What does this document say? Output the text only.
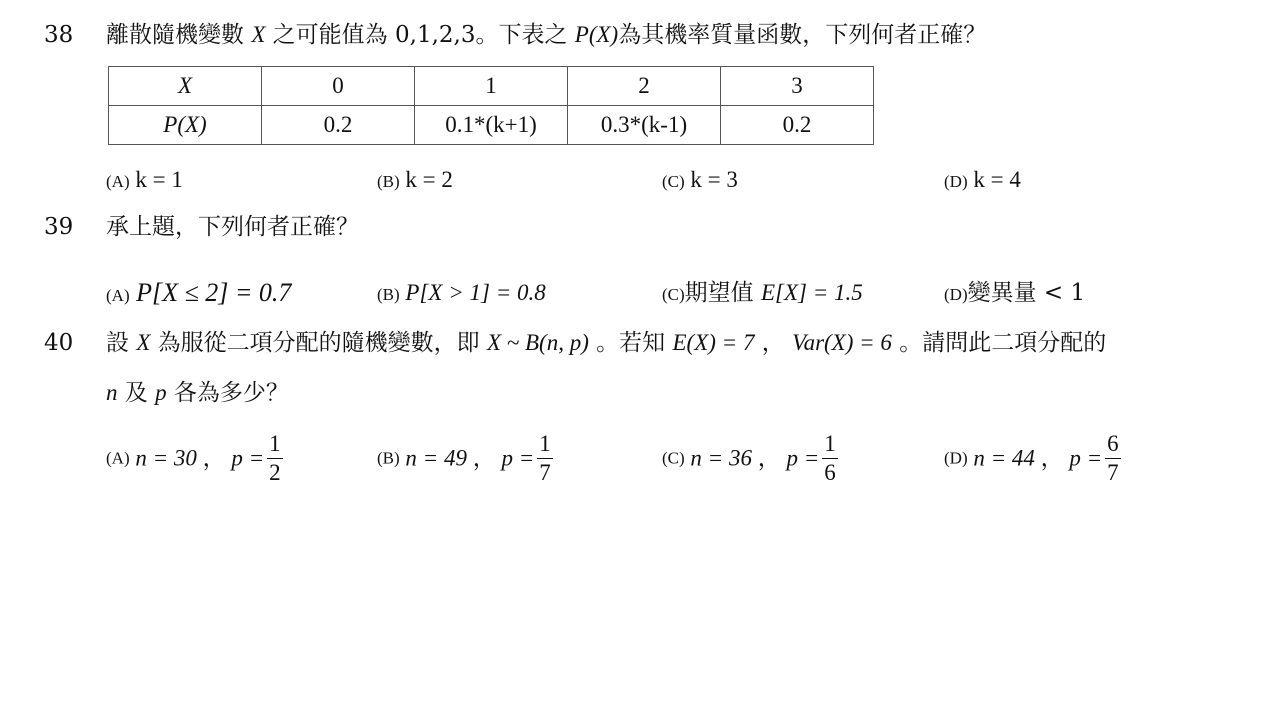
38 離散隨機變數 X 之可能值為 0,1,2,3。下表之 P(X)為其機率質量函數，下列何者正確？
X	0	1	2	3
P(X)	0.2	0.1*(k+1)	0.3*(k-1)	0.2
(A) k = 1	(B) k = 2	(C) k = 3	(D) k = 4
39 承上題，下列何者正確？
(A) P[X ≤ 2] = 0.7	(B) P[X > 1] = 0.8	(C)期望值 E[X] = 1.5	(D)變異量 < 1
40 設 X 為服從二項分配的隨機變數，即 X ~ B(n, p) 。若知 E(X) = 7 ， Var(X) = 6 。請問此二項分配的
n 及 p 各為多少？
(A) n = 30 ， $p = \frac{1}{2}$	(B) n = 49 ， $p = \frac{1}{7}$	(C) n = 36 ， $p = \frac{1}{6}$	(D) n = 44 ， $p = \frac{6}{7}$
